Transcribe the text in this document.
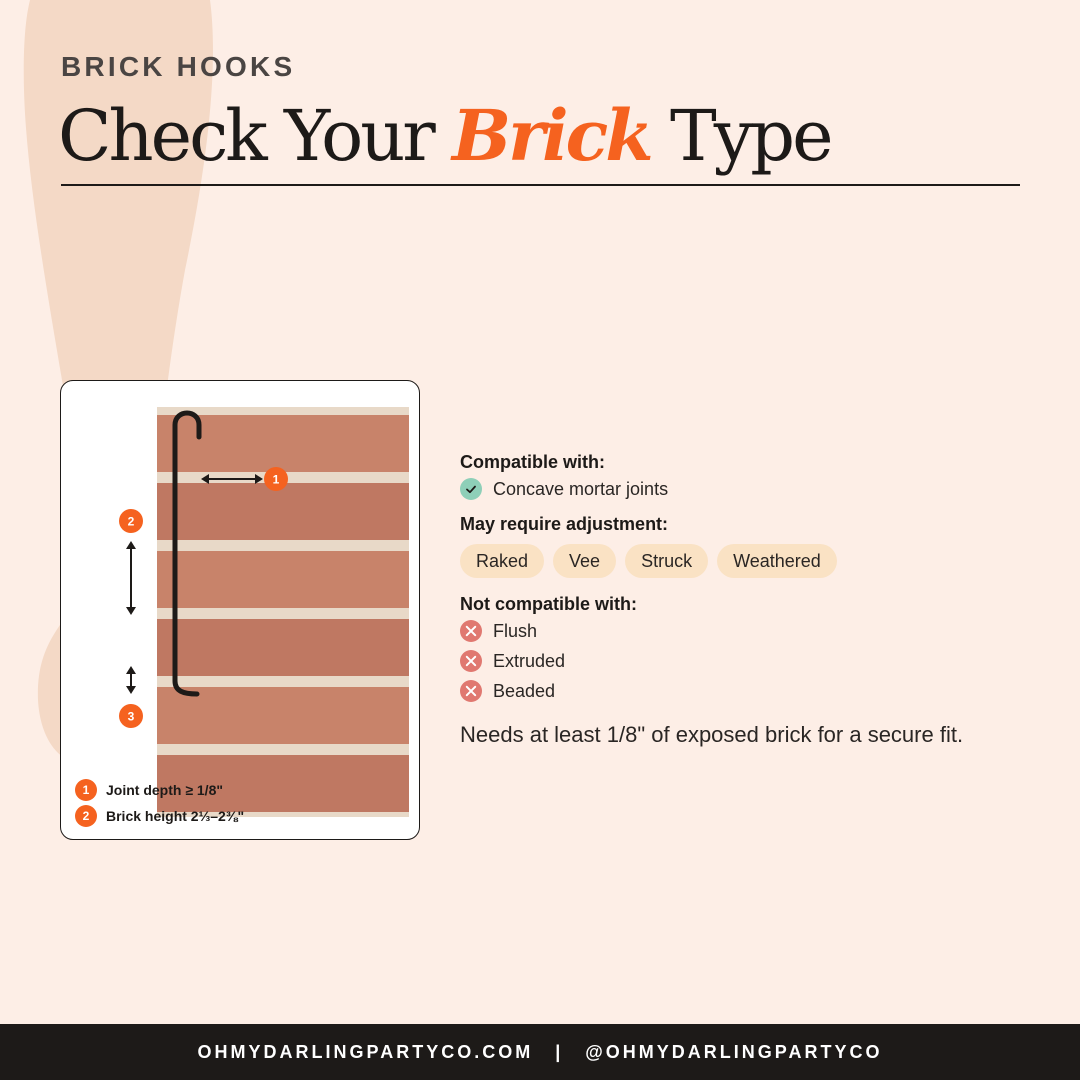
BRICK HOOKS
Check Your Brick Type
1
2
3
1	Joint depth ≥ 1/8"
2	Brick height 2⅓–2⅜"

Compatible with:

Concave mortar joints

May require adjustment:

Raked	Vee	Struck	Weathered

Not compatible with:

Flush
Extruded
Beaded

Needs at least 1/8" of exposed brick for a secure fit.

OHMYDARLINGPARTYCO.COM | @OHMYDARLINGPARTYCO
